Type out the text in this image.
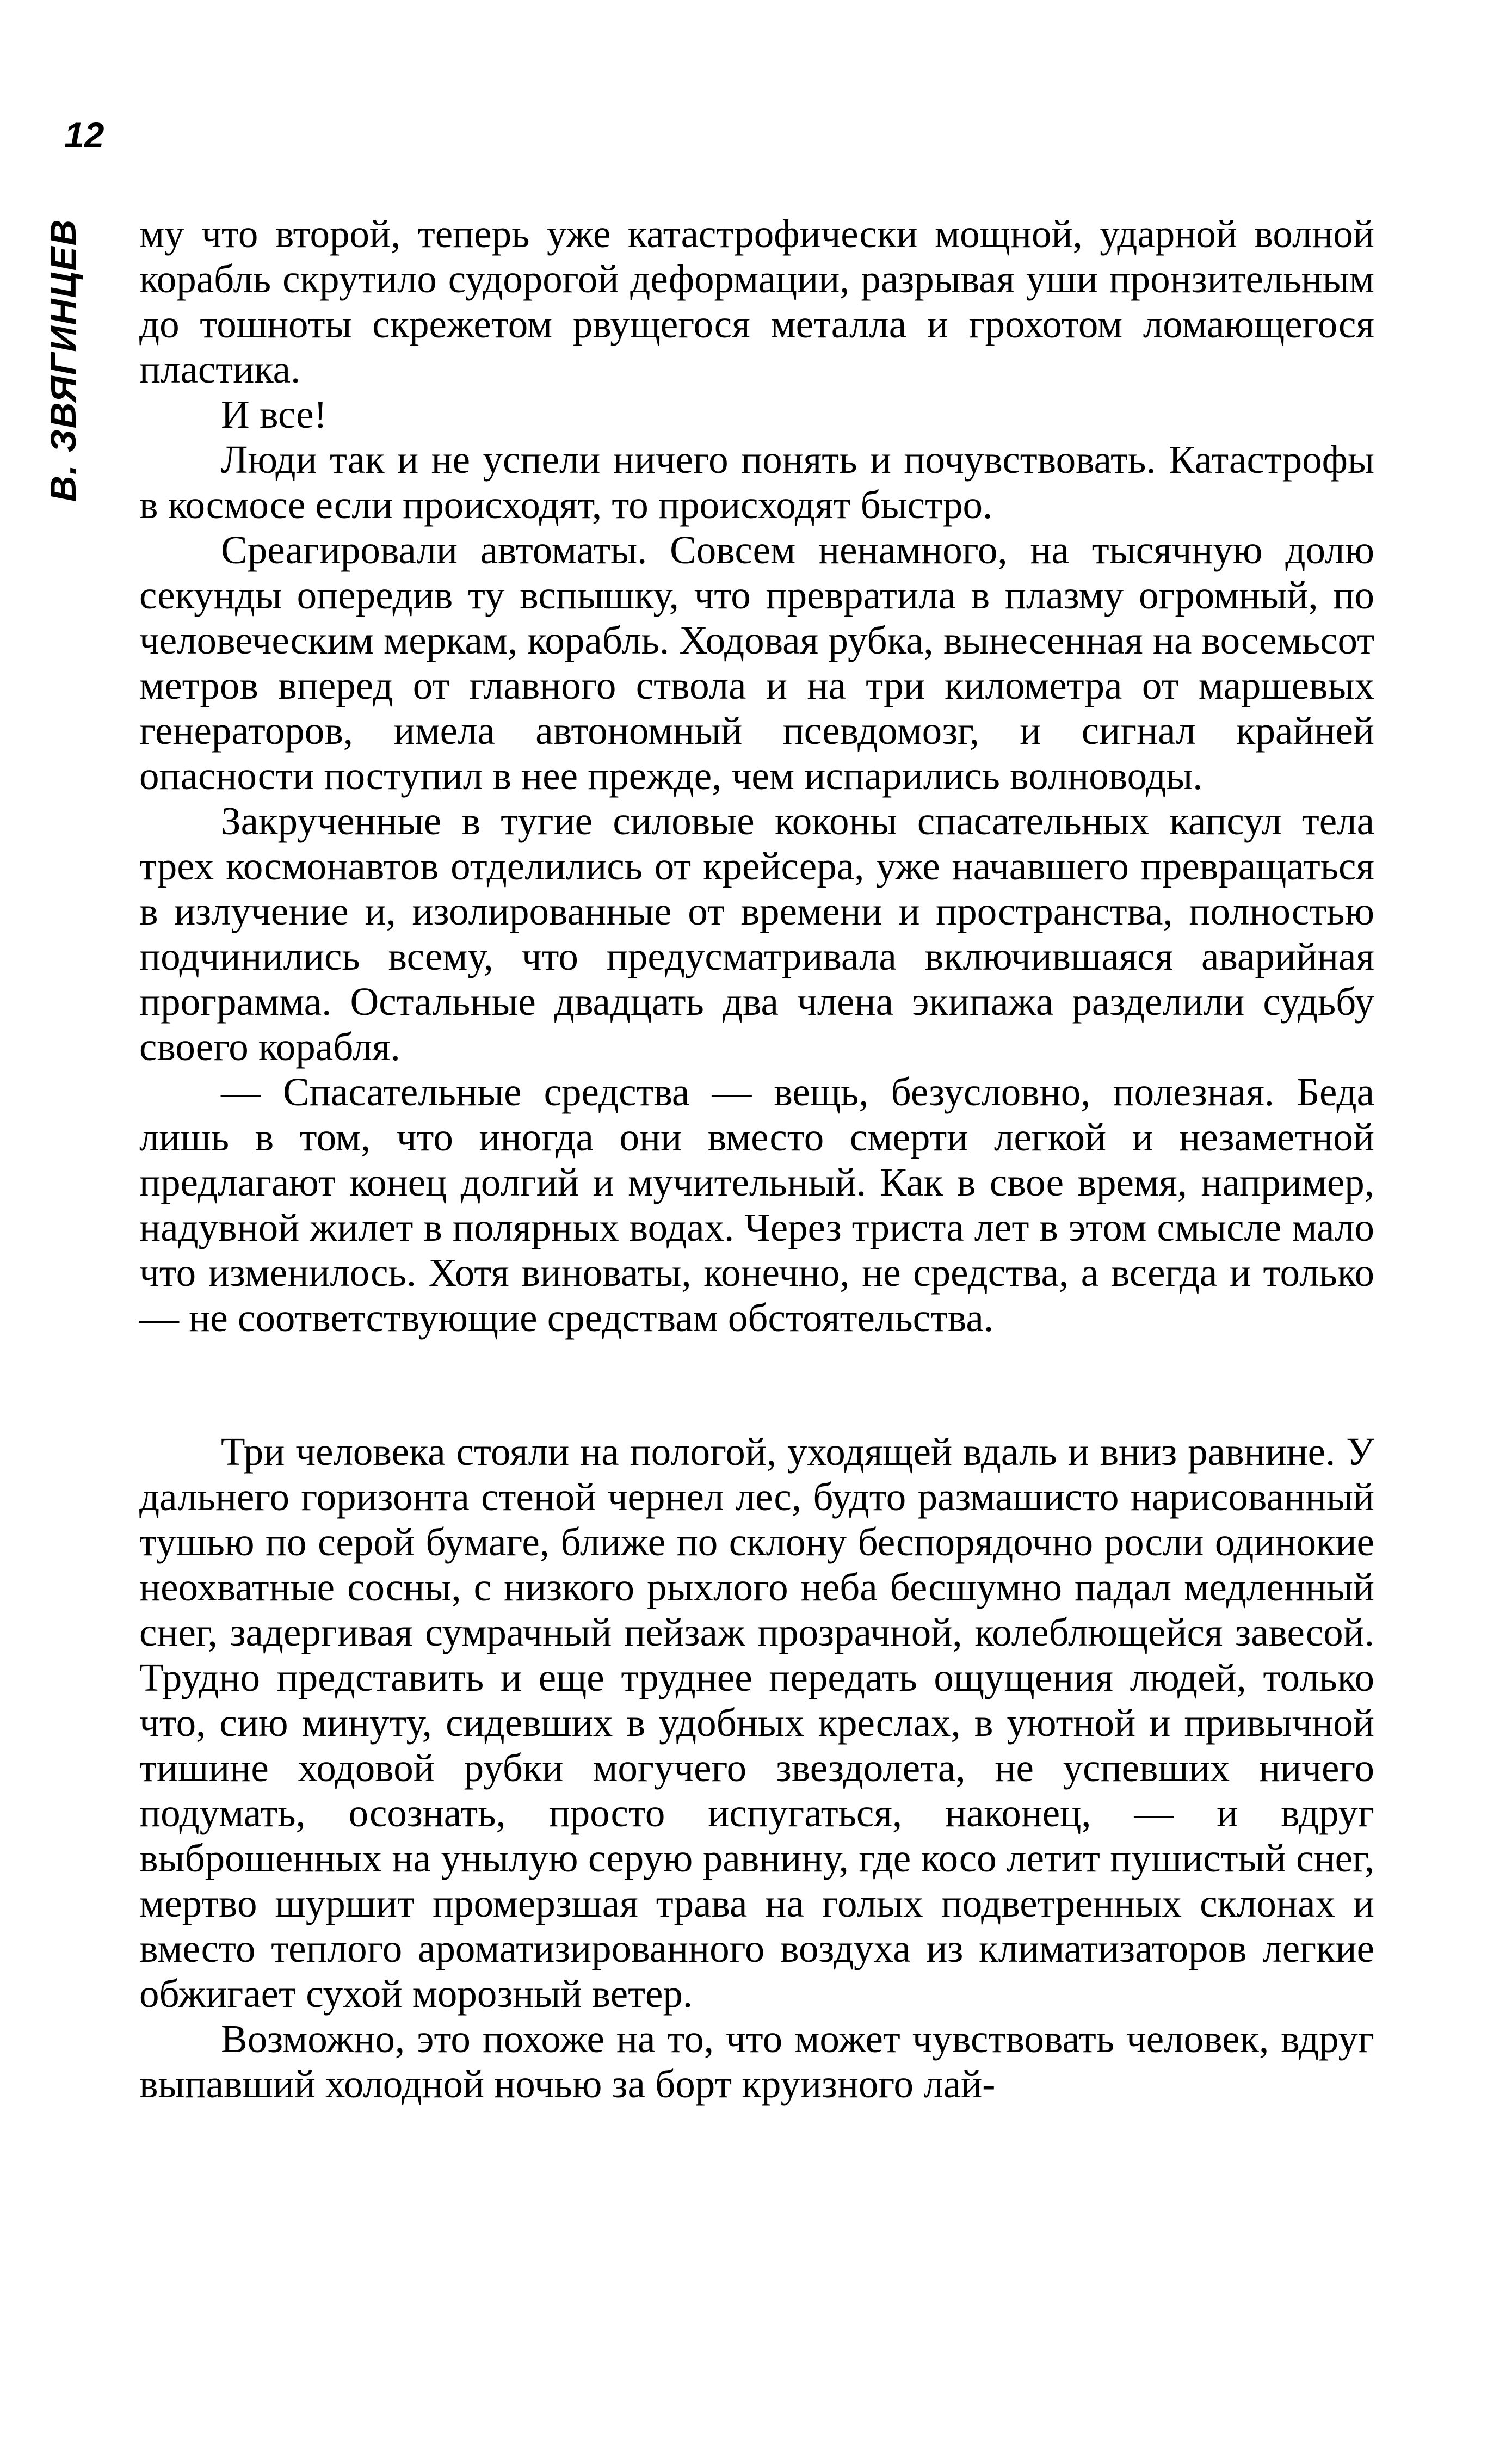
12
В. ЗВЯГИНЦЕВ му что второй, теперь уже катастрофически мощной, ударной волной корабль скрутило судорогой деформации, разрывая уши пронзительным до тошноты скрежетом рвущегося металла и грохотом ломающегося пластика.

И все!

Люди так и не успели ничего понять и почувствовать. Катастрофы в космосе если происходят, то происходят быстро.

Среагировали автоматы. Совсем ненамного, на тысячную долю секунды опередив ту вспышку, что превратила в плазму огромный, по человеческим меркам, корабль. Ходовая рубка, вынесенная на восемьсот метров вперед от главного ствола и на три километра от маршевых генераторов, имела автономный псевдомозг, и сигнал крайней опасности поступил в нее прежде, чем испарились волноводы.

Закрученные в тугие силовые коконы спасательных капсул тела трех космонавтов отделились от крейсера, уже начавшего превращаться в излучение и, изолированные от времени и пространства, полностью подчинились всему, что предусматривала включившаяся аварийная программа. Остальные двадцать два члена экипажа разделили судьбу своего корабля.

— Спасательные средства — вещь, безусловно, полезная. Беда лишь в том, что иногда они вместо смерти легкой и незаметной предлагают конец долгий и мучительный. Как в свое время, например, надувной жилет в полярных водах. Через триста лет в этом смысле мало что изменилось. Хотя виноваты, конечно, не средства, а всегда и только — не соответствующие средствам обстоятельства.

Три человека стояли на пологой, уходящей вдаль и вниз равнине. У дальнего горизонта стеной чернел лес, будто размашисто нарисованный тушью по серой бумаге, ближе по склону беспорядочно росли одинокие неохватные сосны, с низкого рыхлого неба бесшумно падал медленный снег, задергивая сумрачный пейзаж прозрачной, колеблющейся завесой. Трудно представить и еще труднее передать ощущения людей, только что, сию минуту, сидевших в удобных креслах, в уютной и привычной тишине ходовой рубки могучего звездолета, не успевших ничего подумать, осознать, просто испугаться, наконец, — и вдруг выброшенных на унылую серую равнину, где косо летит пушистый снег, мертво шуршит промерзшая трава на голых подветренных склонах и вместо теплого ароматизированного воздуха из климатизаторов легкие обжигает сухой морозный ветер.

Возможно, это похоже на то, что может чувствовать человек, вдруг выпавший холодной ночью за борт круизного лай-
